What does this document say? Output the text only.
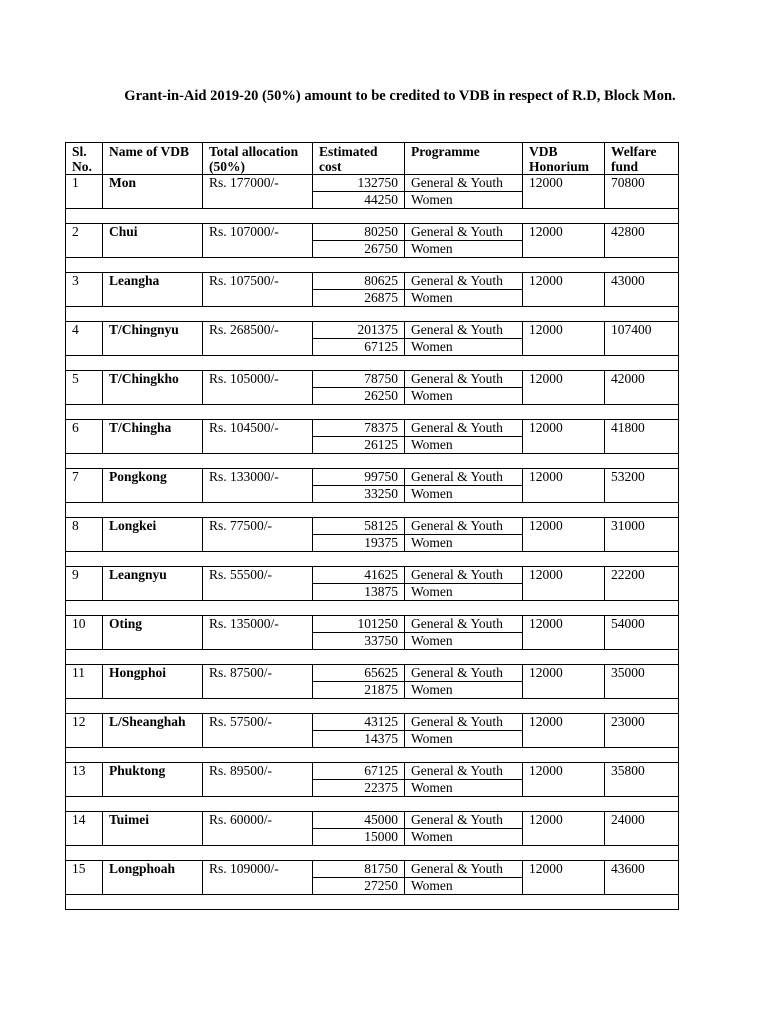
Grant-in-Aid 2019-20 (50%) amount to be credited to VDB in respect of R.D, Block Mon.
Sl. No.	Name of VDB	Total allocation (50%)	Estimated cost	Programme	VDB Honorium	Welfare fund
1	Mon	Rs. 177000/-	132750	General & Youth	12000	70800
			44250	Women		

2	Chui	Rs. 107000/-	80250	General & Youth	12000	42800
			26750	Women		

3	Leangha	Rs. 107500/-	80625	General & Youth	12000	43000
			26875	Women		

4	T/Chingnyu	Rs. 268500/-	201375	General & Youth	12000	107400
			67125	Women		

5	T/Chingkho	Rs. 105000/-	78750	General & Youth	12000	42000
			26250	Women		

6	T/Chingha	Rs. 104500/-	78375	General & Youth	12000	41800
			26125	Women		

7	Pongkong	Rs. 133000/-	99750	General & Youth	12000	53200
			33250	Women		

8	Longkei	Rs. 77500/-	58125	General & Youth	12000	31000
			19375	Women		

9	Leangnyu	Rs. 55500/-	41625	General & Youth	12000	22200
			13875	Women		

10	Oting	Rs. 135000/-	101250	General & Youth	12000	54000
			33750	Women		

11	Hongphoi	Rs. 87500/-	65625	General & Youth	12000	35000
			21875	Women		

12	L/Sheanghah	Rs. 57500/-	43125	General & Youth	12000	23000
			14375	Women		

13	Phuktong	Rs. 89500/-	67125	General & Youth	12000	35800
			22375	Women		

14	Tuimei	Rs. 60000/-	45000	General & Youth	12000	24000
			15000	Women		

15	Longphoah	Rs. 109000/-	81750	General & Youth	12000	43600
			27250	Women		
